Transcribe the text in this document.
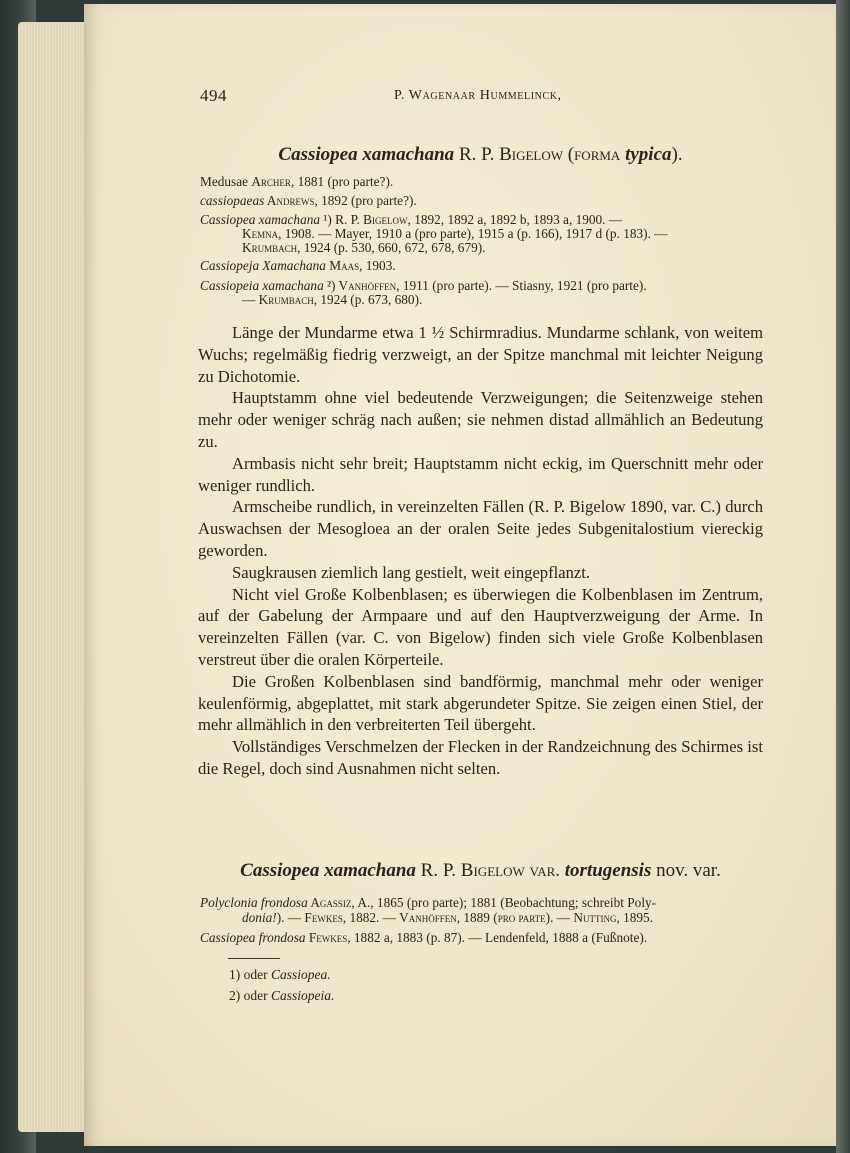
494	P. Wagenaar Hummelinck,
Cassiopea xamachana R. P. Bigelow (forma typica).
Medusae Archer, 1881 (pro parte?).
cassiopaeas Andrews, 1892 (pro parte?).
Cassiopea xamachana ¹) R. P. Bigelow, 1892, 1892 a, 1892 b, 1893 a, 1900. —
Kemna, 1908. — Mayer, 1910 a (pro parte), 1915 a (p. 166), 1917 d (p. 183). —
Krumbach, 1924 (p. 530, 660, 672, 678, 679).
Cassiopeja Xamachana Maas, 1903.
Cassiopeia xamachana ²) Vanhöffen, 1911 (pro parte). — Stiasny, 1921 (pro parte).
— Krumbach, 1924 (p. 673, 680).

Länge der Mundarme etwa 1 ½ Schirmradius. Mundarme schlank, von weitem Wuchs; regelmäßig fiedrig verzweigt, an der Spitze manchmal mit leichter Neigung zu Dichotomie.

Hauptstamm ohne viel bedeutende Verzweigungen; die Seitenzweige stehen mehr oder weniger schräg nach außen; sie nehmen distad allmählich an Bedeutung zu.

Armbasis nicht sehr breit; Hauptstamm nicht eckig, im Querschnitt mehr oder weniger rundlich.

Armscheibe rundlich, in vereinzelten Fällen (R. P. Bigelow 1890, var. C.) durch Auswachsen der Mesogloea an der oralen Seite jedes Subgenitalostium viereckig geworden.

Saugkrausen ziemlich lang gestielt, weit eingepflanzt.

Nicht viel Große Kolbenblasen; es überwiegen die Kolbenblasen im Zentrum, auf der Gabelung der Armpaare und auf den Hauptverzweigung der Arme. In vereinzelten Fällen (var. C. von Bigelow) finden sich viele Große Kolbenblasen verstreut über die oralen Körperteile.

Die Großen Kolbenblasen sind bandförmig, manchmal mehr oder weniger keulenförmig, abgeplattet, mit stark abgerundeter Spitze. Sie zeigen einen Stiel, der mehr allmählich in den verbreiterten Teil übergeht.

Vollständiges Verschmelzen der Flecken in der Randzeichnung des Schirmes ist die Regel, doch sind Ausnahmen nicht selten.

Cassiopea xamachana R. P. Bigelow var. tortugensis nov. var.
Polyclonia frondosa Agassiz, A., 1865 (pro parte); 1881 (Beobachtung; schreibt Poly-
donia!). — Fewkes, 1882. — Vanhöffen, 1889 (pro parte). — Nutting, 1895.
Cassiopea frondosa Fewkes, 1882 a, 1883 (p. 87). — Lendenfeld, 1888 a (Fußnote).
1) oder Cassiopea.
2) oder Cassiopeia.
